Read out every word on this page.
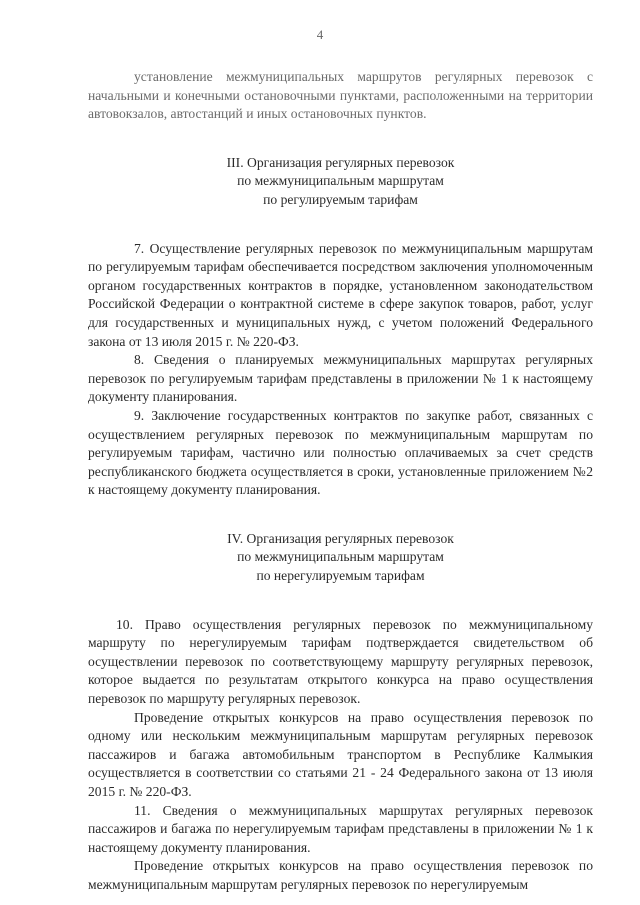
4

установление межмуниципальных маршрутов регулярных перевозок с начальными и конечными остановочными пунктами, расположенными на территории автовокзалов, автостанций и иных остановочных пунктов.

III. Организация регулярных перевозок
по межмуниципальным маршрутам
по регулируемым тарифам

7. Осуществление регулярных перевозок по межмуниципальным маршрутам по регулируемым тарифам обеспечивается посредством заключения уполномоченным органом государственных контрактов в порядке, установленном законодательством Российской Федерации о контрактной системе в сфере закупок товаров, работ, услуг для государственных и муниципальных нужд, с учетом положений Федерального закона от 13 июля 2015 г. № 220-ФЗ.

8. Сведения о планируемых межмуниципальных маршрутах регулярных перевозок по регулируемым тарифам представлены в приложении № 1 к настоящему документу планирования.

9. Заключение государственных контрактов по закупке работ, связанных с осуществлением регулярных перевозок по межмуниципальным маршрутам по регулируемым тарифам, частично или полностью оплачиваемых за счет средств республиканского бюджета осуществляется в сроки, установленные приложением №2 к настоящему документу планирования.

IV. Организация регулярных перевозок
по межмуниципальным маршрутам
по нерегулируемым тарифам

10. Право осуществления регулярных перевозок по межмуниципальному маршруту по нерегулируемым тарифам подтверждается свидетельством об осуществлении перевозок по соответствующему маршруту регулярных перевозок, которое выдается по результатам открытого конкурса на право осуществления перевозок по маршруту регулярных перевозок.

Проведение открытых конкурсов на право осуществления перевозок по одному или нескольким межмуниципальным маршрутам регулярных перевозок пассажиров и багажа автомобильным транспортом в Республике Калмыкия осуществляется в соответствии со статьями 21 - 24 Федерального закона от 13 июля 2015 г. № 220-ФЗ.

11. Сведения о межмуниципальных маршрутах регулярных перевозок пассажиров и багажа по нерегулируемым тарифам представлены в приложении № 1 к настоящему документу планирования.

Проведение открытых конкурсов на право осуществления перевозок по межмуниципальным маршрутам регулярных перевозок по нерегулируемым
